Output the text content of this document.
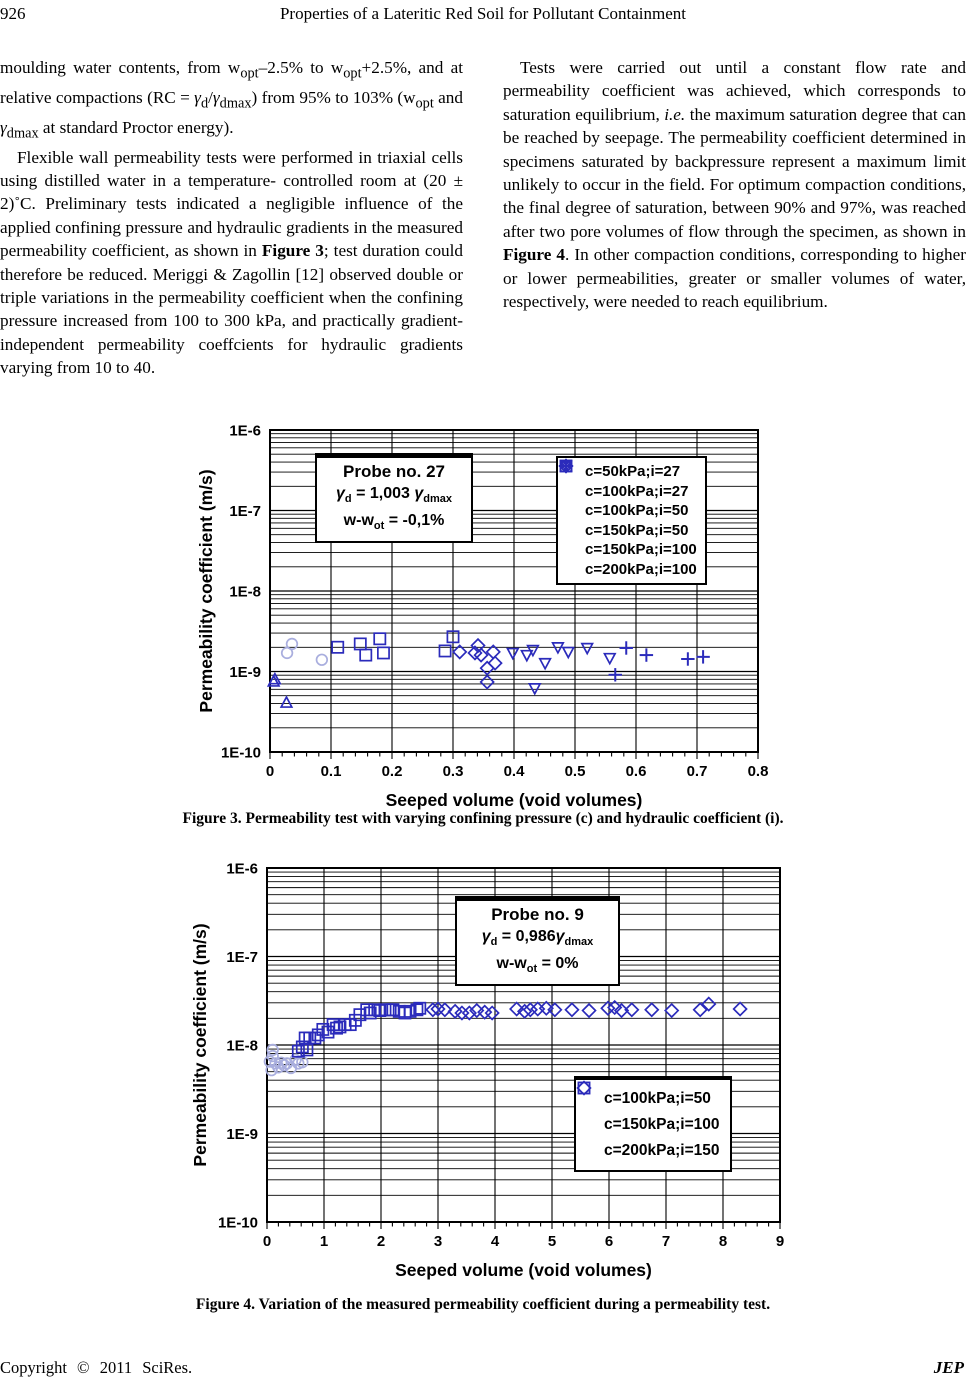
926	Properties of a Lateritic Red Soil for Pollutant Containment

moulding water contents, from $w_{opt}-2.5\%$ to $w_{opt}+2.5\%$, and at relative compactions $(RC = \gamma_d/\gamma_{dmax})$ from 95% to 103% ($w_{opt}$ and $\gamma_{dmax}$ at standard Proctor energy).

Flexible wall permeability tests were performed in triaxial cells using distilled water in a temperature- controlled room at (20 ± 2)˚C. Preliminary tests indicated a negligible influence of the applied confining pressure and hydraulic gradients in the measured permeability coefficient, as shown in Figure 3; test duration could therefore be reduced. Meriggi & Zagollin [12] observed double or triple variations in the permeability coefficient when the confining pressure increased from 100 to 300 kPa, and practically gradient-independent permeability coeffcients for hydraulic gradients varying from 10 to 40.

Tests were carried out until a constant flow rate and permeability coefficient was achieved, which corresponds to saturation equilibrium, i.e. the maximum saturation degree that can be reached by seepage. The permeability coefficient determined in specimens saturated by backpressure represent a maximum limit unlikely to occur in the field. For optimum compaction conditions, the final degree of saturation, between 90% and 97%, was reached after two pore volumes of flow through the specimen, as shown in Figure 4. In other compaction conditions, corresponding to higher or lower permeabilities, greater or smaller volumes of water, respectively, were needed to reach equilibrium.

1E-6
1E-7
1E-8
1E-9
1E-10
0	0.1	0.2	0.3	0.4	0.5	0.6	0.7	0.8
Seeped volume (void volumes)
Permeability coefficient (m/s)	Probe no. 27
$\gamma_d = 1,003$ $\gamma_{dmax}$
$w-w_{ot} = -0,1\%$
c=50kPa;i=27
c=100kPa;i=27
c=100kPa;i=50
c=150kPa;i=50
c=150kPa;i=100
c=200kPa;i=100
Figure 3. Permeability test with varying confining pressure (c) and hydraulic coefficient (i).
1E-6
1E-7
1E-8
1E-9
1E-10
0	1	2	3	4	5	6	7	8	9
Seeped volume (void volumes)
Permeability coefficient (m/s)
Probe no. 9
$\gamma_d = 0,986\gamma_{dmax}$
$w-w_{ot} = 0\%$
c=100kPa;i=50
c=150kPa;i=100
c=200kPa;i=150
Figure 4. Variation of the measured permeability coefficient during a permeability test.
Copyright © 2011 SciRes.	JEP
